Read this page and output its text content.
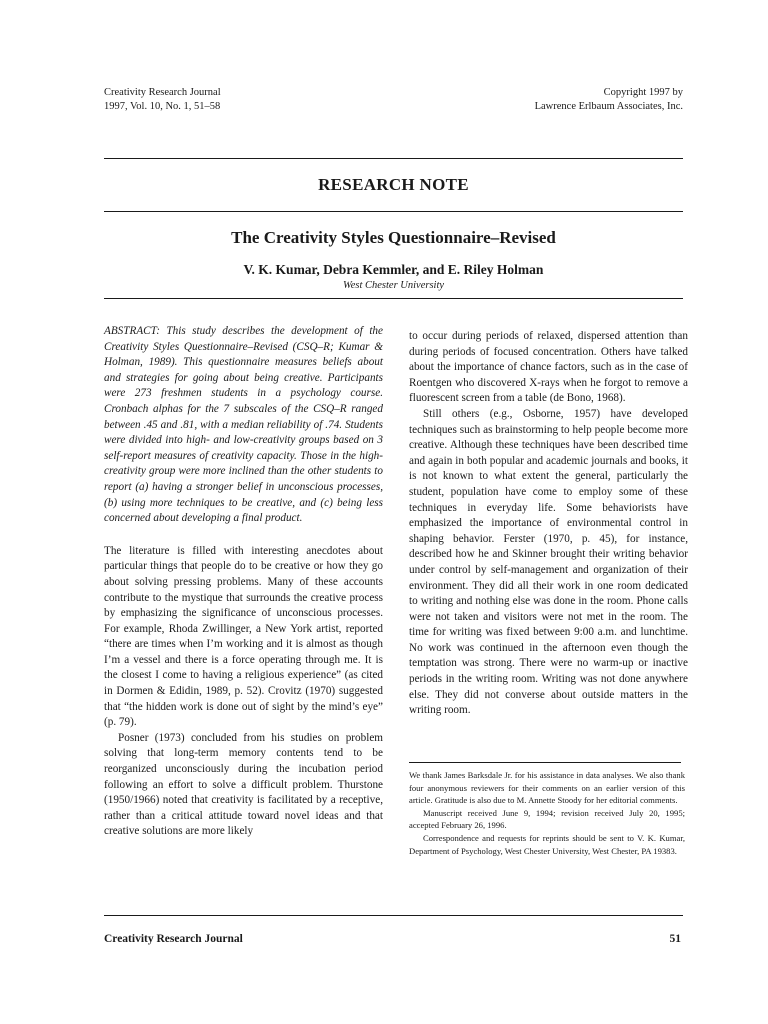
Creativity Research Journal
1997, Vol. 10, No. 1, 51–58
Copyright 1997 by
Lawrence Erlbaum Associates, Inc.
RESEARCH NOTE
The Creativity Styles Questionnaire–Revised
V. K. Kumar, Debra Kemmler, and E. Riley Holman
West Chester University

ABSTRACT: This study describes the development of the Creativity Styles Questionnaire–Revised (CSQ–R; Kumar & Holman, 1989). This questionnaire measures beliefs about and strategies for going about being creative. Participants were 273 freshmen students in a psychology course. Cronbach alphas for the 7 subscales of the CSQ–R ranged between .45 and .81, with a median reliability of .74. Students were divided into high- and low-creativity groups based on 3 self-report measures of creativity capacity. Those in the high-creativity group were more inclined than the other students to report (a) having a stronger belief in unconscious processes, (b) using more techniques to be creative, and (c) being less concerned about developing a final product.

The literature is filled with interesting anecdotes about particular things that people do to be creative or how they go about solving pressing problems. Many of these accounts contribute to the mystique that surrounds the creative process by emphasizing the significance of unconscious processes. For example, Rhoda Zwillinger, a New York artist, reported “there are times when I’m working and it is almost as though I’m a vessel and there is a force operating through me. It is the closest I come to having a religious experience” (as cited in Dormen & Edidin, 1989, p. 52). Crovitz (1970) suggested that “the hidden work is done out of sight by the mind’s eye” (p. 79).

Posner (1973) concluded from his studies on problem solving that long-term memory contents tend to be reorganized unconsciously during the incubation period following an effort to solve a difficult problem. Thurstone (1950/1966) noted that creativity is facilitated by a receptive, rather than a critical attitude toward novel ideas and that creative solutions are more likely

to occur during periods of relaxed, dispersed attention than during periods of focused concentration. Others have talked about the importance of chance factors, such as in the case of Roentgen who discovered X-rays when he forgot to remove a fluorescent screen from a table (de Bono, 1968).

Still others (e.g., Osborne, 1957) have developed techniques such as brainstorming to help people become more creative. Although these techniques have been described time and again in both popular and academic journals and books, it is not known to what extent the general, particularly the student, population have come to employ some of these techniques in everyday life. Some behaviorists have emphasized the importance of environmental control in shaping behavior. Ferster (1970, p. 45), for instance, described how he and Skinner brought their writing behavior under control by self-management and organization of their environment. They did all their work in one room dedicated to writing and nothing else was done in the room. Phone calls were not taken and visitors were not met in the room. The time for writing was fixed between 9:00 a.m. and lunchtime. No work was continued in the afternoon even though the temptation was strong. There were no warm-up or inactive periods in the writing room. Writing was not done anywhere else. They did not converse about outside matters in the writing room.

We thank James Barksdale Jr. for his assistance in data analyses. We also thank four anonymous reviewers for their comments on an earlier version of this article. Gratitude is also due to M. Annette Stoody for her editorial comments.

Manuscript received June 9, 1994; revision received July 20, 1995; accepted February 26, 1996.

Correspondence and requests for reprints should be sent to V. K. Kumar, Department of Psychology, West Chester University, West Chester, PA 19383.

Creativity Research Journal	51
